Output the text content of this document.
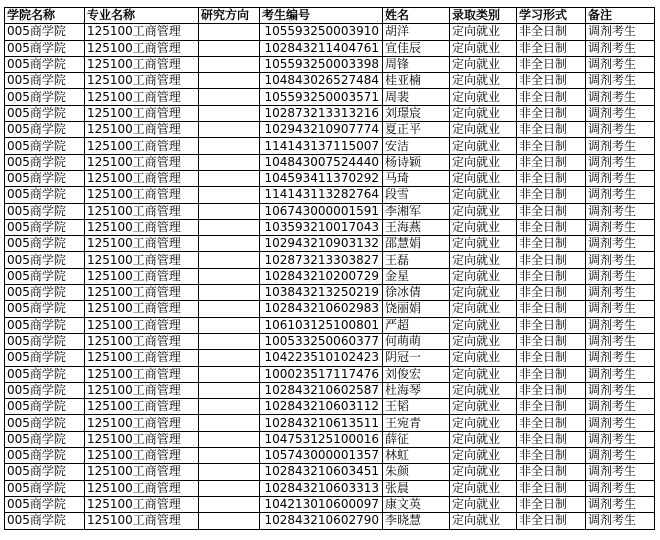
学院名称	专业名称	研究方向	考生编号	姓名	录取类别	学习形式	备注
005商学院	125100工商管理		105593250003910	胡洋	定向就业	非全日制	调剂考生
005商学院	125100工商管理		102843211404761	宣佳辰	定向就业	非全日制	调剂考生
005商学院	125100工商管理		105593250003398	周锋	定向就业	非全日制	调剂考生
005商学院	125100工商管理		104843026527484	桂亚楠	定向就业	非全日制	调剂考生
005商学院	125100工商管理		105593250003571	周裴	定向就业	非全日制	调剂考生
005商学院	125100工商管理		102873213313216	刘璟宸	定向就业	非全日制	调剂考生
005商学院	125100工商管理		102943210907774	夏正平	定向就业	非全日制	调剂考生
005商学院	125100工商管理		114143137115007	安洁	定向就业	非全日制	调剂考生
005商学院	125100工商管理		104843007524440	杨诗颖	定向就业	非全日制	调剂考生
005商学院	125100工商管理		104593411370292	马琦	定向就业	非全日制	调剂考生
005商学院	125100工商管理		114143113282764	段雪	定向就业	非全日制	调剂考生
005商学院	125100工商管理		106743000001591	李湘军	定向就业	非全日制	调剂考生
005商学院	125100工商管理		103593210017043	王海燕	定向就业	非全日制	调剂考生
005商学院	125100工商管理		102943210903132	邵慧娟	定向就业	非全日制	调剂考生
005商学院	125100工商管理		102873213303827	王磊	定向就业	非全日制	调剂考生
005商学院	125100工商管理		102843210200729	金星	定向就业	非全日制	调剂考生
005商学院	125100工商管理		103843213250219	徐冰倩	定向就业	非全日制	调剂考生
005商学院	125100工商管理		102843210602983	饶丽娟	定向就业	非全日制	调剂考生
005商学院	125100工商管理		106103125100801	严超	定向就业	非全日制	调剂考生
005商学院	125100工商管理		100533250060377	何萌萌	定向就业	非全日制	调剂考生
005商学院	125100工商管理		104223510102423	阴冠一	定向就业	非全日制	调剂考生
005商学院	125100工商管理		100023517117476	刘俊宏	定向就业	非全日制	调剂考生
005商学院	125100工商管理		102843210602587	杜海琴	定向就业	非全日制	调剂考生
005商学院	125100工商管理		102843210603112	王韬	定向就业	非全日制	调剂考生
005商学院	125100工商管理		102843210613511	王宛青	定向就业	非全日制	调剂考生
005商学院	125100工商管理		104753125100016	薛征	定向就业	非全日制	调剂考生
005商学院	125100工商管理		105743000001357	林虹	定向就业	非全日制	调剂考生
005商学院	125100工商管理		102843210603451	朱颜	定向就业	非全日制	调剂考生
005商学院	125100工商管理		102843210603313	张晨	定向就业	非全日制	调剂考生
005商学院	125100工商管理		104213010600097	康文英	定向就业	非全日制	调剂考生
005商学院	125100工商管理		102843210602790	李晓慧	定向就业	非全日制	调剂考生
